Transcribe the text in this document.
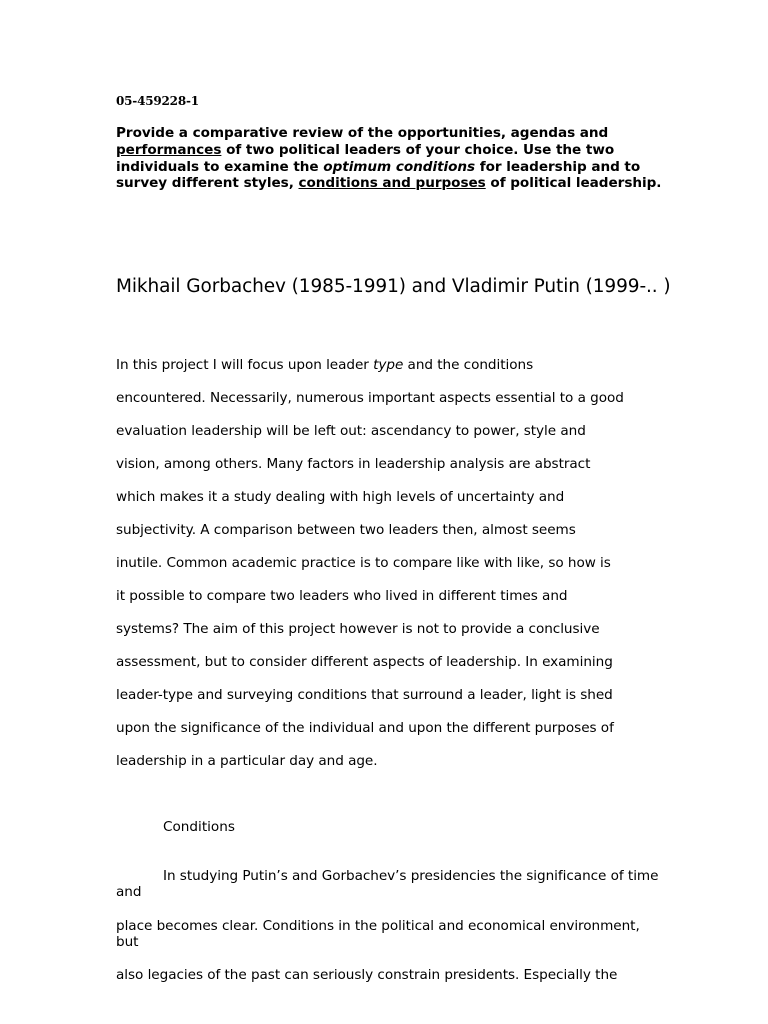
05-459228-1
Provide a comparative review of the opportunities, agendas and performances of two political leaders of your choice. Use the two individuals to examine the optimum conditions for leadership and to survey different styles, conditions and purposes of political leadership.
Mikhail Gorbachev (1985-1991) and Vladimir Putin (1999-.. )
In this project I will focus upon leader type and the conditions
encountered. Necessarily, numerous important aspects essential to a good
evaluation leadership will be left out: ascendancy to power, style and
vision, among others. Many factors in leadership analysis are abstract
which makes it a study dealing with high levels of uncertainty and
subjectivity. A comparison between two leaders then, almost seems
inutile. Common academic practice is to compare like with like, so how is
it possible to compare two leaders who lived in different times and
systems? The aim of this project however is not to provide a conclusive
assessment, but to consider different aspects of leadership. In examining
leader-type and surveying conditions that surround a leader, light is shed
upon the significance of the individual and upon the different purposes of
leadership in a particular day and age.
Conditions
In studying Putin’s and Gorbachev’s presidencies the significance of time and
place becomes clear. Conditions in the political and economical environment, but
also legacies of the past can seriously constrain presidents. Especially the
